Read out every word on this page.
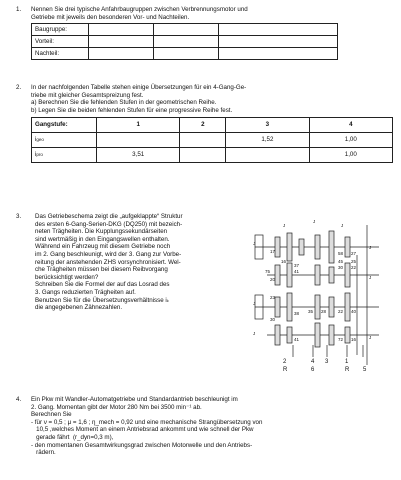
1. Nennen Sie drei typische Anfahrbaugruppen zwischen Verbrennungsmotor und

Getriebe mit jeweils den besonderen Vor- und Nachteilen.

Baugruppe:			
Vorteil:			
Nachteil:			
2. In der nachfolgenden Tabelle stehen einige Übersetzungen für ein 4-Gang-Ge-

triebe mit gleicher Gesamtspreizung fest.

a) Berechnen Sie die fehlenden Stufen in der geometrischen Reihe.

b) Legen Sie die beiden fehlenden Stufen für eine progressive Reihe fest.

Gangstufe:	1	2	3	4
igeo			1,52	1,00
ipro	3,51			1,00
3. Das Getriebeschema zeigt die „aufgeklappte“ Struktur

des ersten 6-Gang-Serien-DKG (DQ250) mit bezeich-

neten Trägheiten. Die Kupplungssekundärseiten

sind wertmäßig in den Eingangswellen enthalten.

Während ein Fahrzeug mit diesem Getriebe noch

im 2. Gang beschleunigt, wird der 3. Gang zur Vorbe-

reitung der anstehenden ZHS vorsynchronisiert. Wel-

che Trägheiten müssen bei diesem Reibvorgang

berücksichtigt werden?

Schreiben Sie die Formel der auf das Losrad des

3. Gangs reduzierten Trägheiten auf.

Benutzen Sie für die Übersetzungsverhältnisse iₖ

die angegebenen Zähnezahlen.

J
J
J
J
J
J
J
J
J
17
37
58 27
20
22
30
16
75
23
41
45 25
38 35 28	22 40
30
41	72 16
2	4 3	1
R	6	R 5
4. Ein Pkw mit Wandler-Automatgetriebe und Standardantrieb beschleunigt im

2. Gang. Momentan gibt der Motor 280 Nm bei 3500 min⁻¹ ab.

Berechnen Sie

- für ν = 0,5 ; μ = 1,6 ; η_mech = 0,92 und eine mechanische Strangübersetzung von

10,5 ,welches Moment an einem Antriebsrad ankommt und wie schnell der Pkw

gerade fährt  (r_dyn=0,3 m),

- den momentanen Gesamtwirkungsgrad zwischen Motorwelle und den Antriebs-

rädern.
